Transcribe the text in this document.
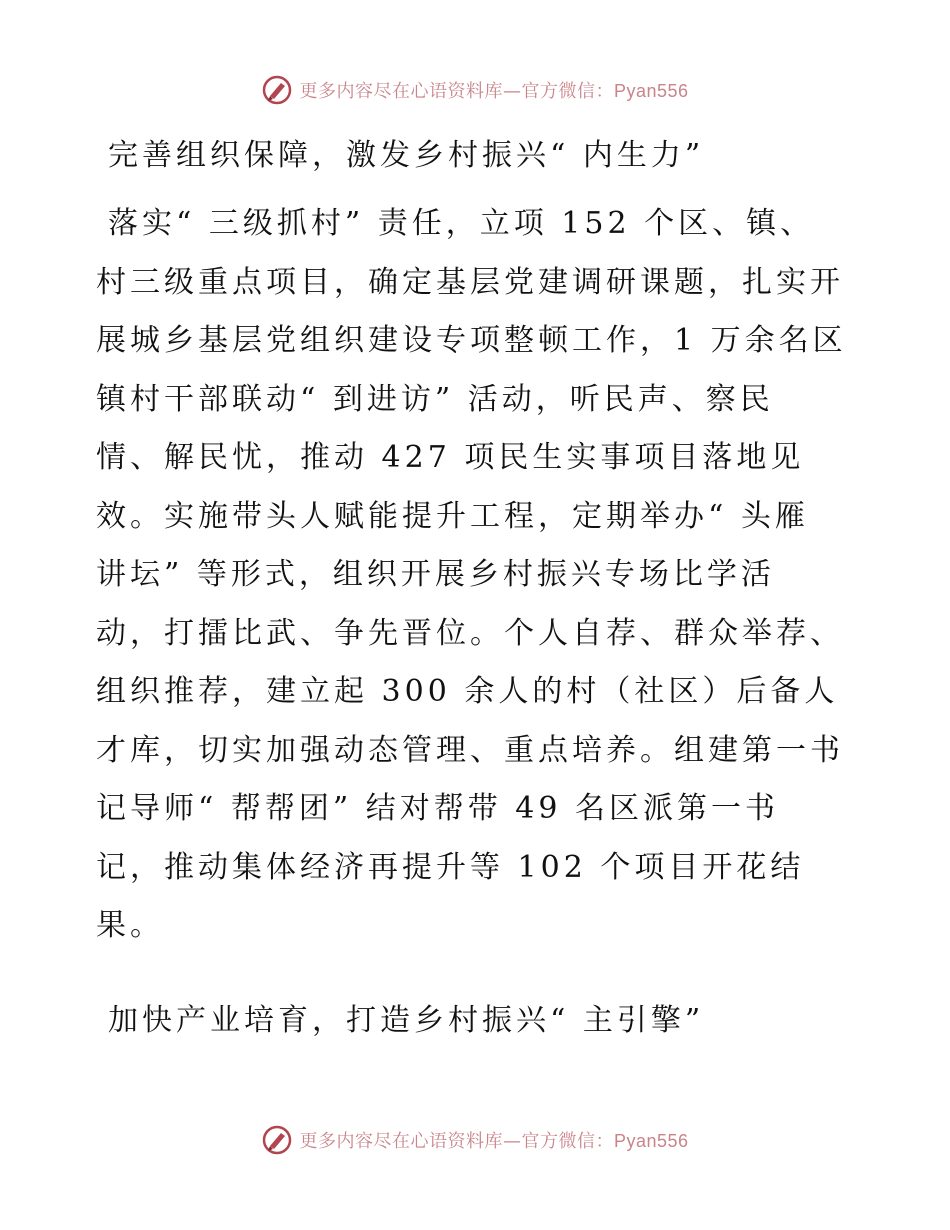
更多内容尽在心语资料库—官方微信：Pyan556
完善组织保障，激发乡村振兴“ 内生力”
落实“ 三级抓村” 责任，立项 152 个区、镇、
村三级重点项目，确定基层党建调研课题，扎实开
展城乡基层党组织建设专项整顿工作，1 万余名区
镇村干部联动“ 到进访” 活动，听民声、察民
情、解民忧，推动 427 项民生实事项目落地见
效。实施带头人赋能提升工程，定期举办“ 头雁
讲坛” 等形式，组织开展乡村振兴专场比学活
动，打擂比武、争先晋位。个人自荐、群众举荐、
组织推荐，建立起 300 余人的村（社区）后备人
才库，切实加强动态管理、重点培养。组建第一书
记导师“ 帮帮团” 结对帮带 49 名区派第一书
记，推动集体经济再提升等 102 个项目开花结
果。
加快产业培育，打造乡村振兴“ 主引擎”
更多内容尽在心语资料库—官方微信：Pyan556
